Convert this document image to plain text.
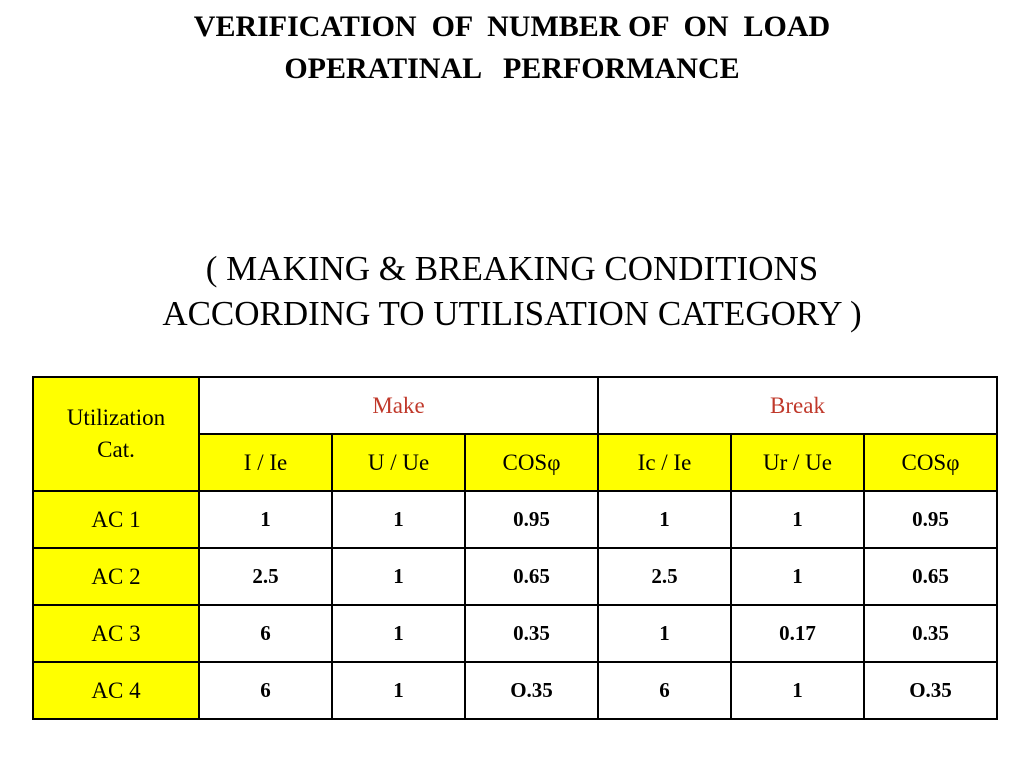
VERIFICATION  OF  NUMBER OF  ON  LOAD
OPERATINAL   PERFORMANCE
( MAKING & BREAKING CONDITIONS
ACCORDING TO UTILISATION CATEGORY )
Utilization
Cat.	Make			Break		
	I / Ie	U / Ue	COSφ	Ic / Ie	Ur / Ue	COSφ
AC 1	1	1	0.95	1	1	0.95
AC 2	2.5	1	0.65	2.5	1	0.65
AC 3	6	1	0.35	1	0.17	0.35
AC 4	6	1	O.35	6	1	O.35
